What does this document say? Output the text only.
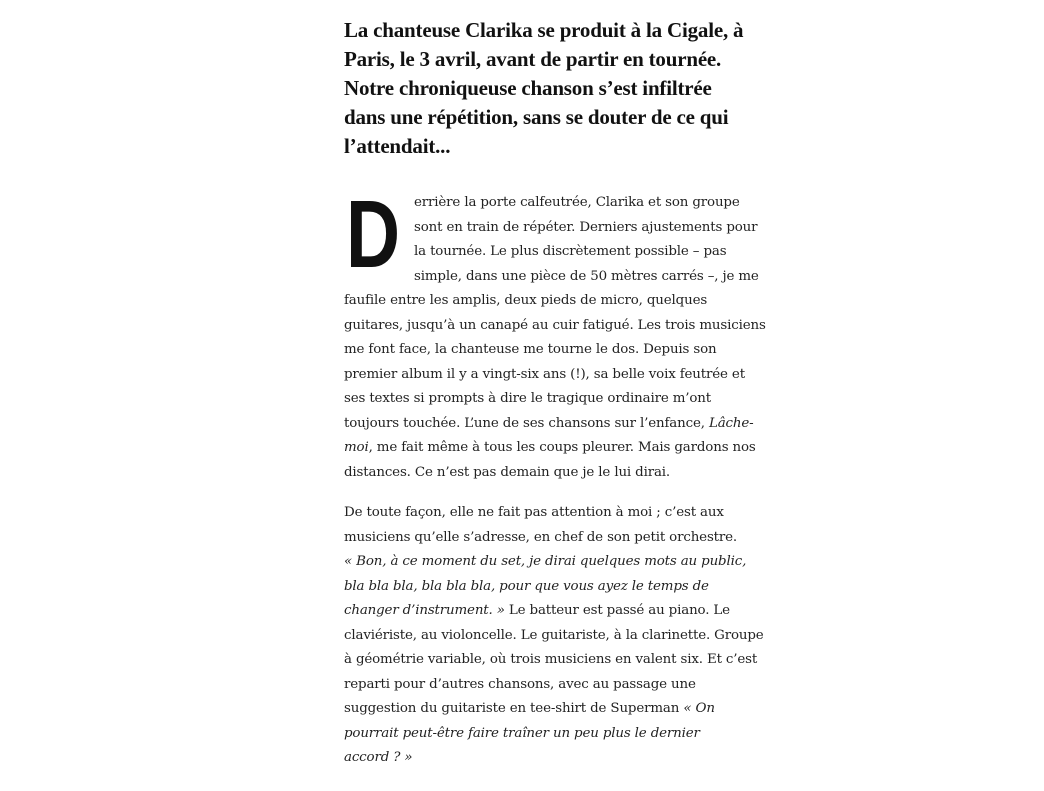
La chanteuse Clarika se produit à la Cigale, à
Paris, le 3 avril, avant de partir en tournée.
Notre chroniqueuse chanson s’est infiltrée
dans une répétition, sans se douter de ce qui
l’attendait...

D	errière la porte calfeutrée, Clarika et son groupe
sont en train de répéter. Derniers ajustements pour
la tournée. Le plus discrètement possible – pas
simple, dans une pièce de 50 mètres carrés –, je me
faufile entre les amplis, deux pieds de micro, quelques
guitares, jusqu’à un canapé au cuir fatigué. Les trois musiciens
me font face, la chanteuse me tourne le dos. Depuis son
premier album il y a vingt-six ans (!), sa belle voix feutrée et
ses textes si prompts à dire le tragique ordinaire m’ont
toujours touchée. L’une de ses chansons sur l’enfance, Lâche-
moi, me fait même à tous les coups pleurer. Mais gardons nos
distances. Ce n’est pas demain que je le lui dirai.
De toute façon, elle ne fait pas attention à moi ; c’est aux
musiciens qu’elle s’adresse, en chef de son petit orchestre.
« Bon, à ce moment du set, je dirai quelques mots au public,
bla bla bla, bla bla bla, pour que vous ayez le temps de
changer d’instrument. » Le batteur est passé au piano. Le
claviériste, au violoncelle. Le guitariste, à la clarinette. Groupe
à géométrie variable, où trois musiciens en valent six. Et c’est
reparti pour d’autres chansons, avec au passage une
suggestion du guitariste en tee-shirt de Superman « On
pourrait peut-être faire traîner un peu plus le dernier
accord ? »
